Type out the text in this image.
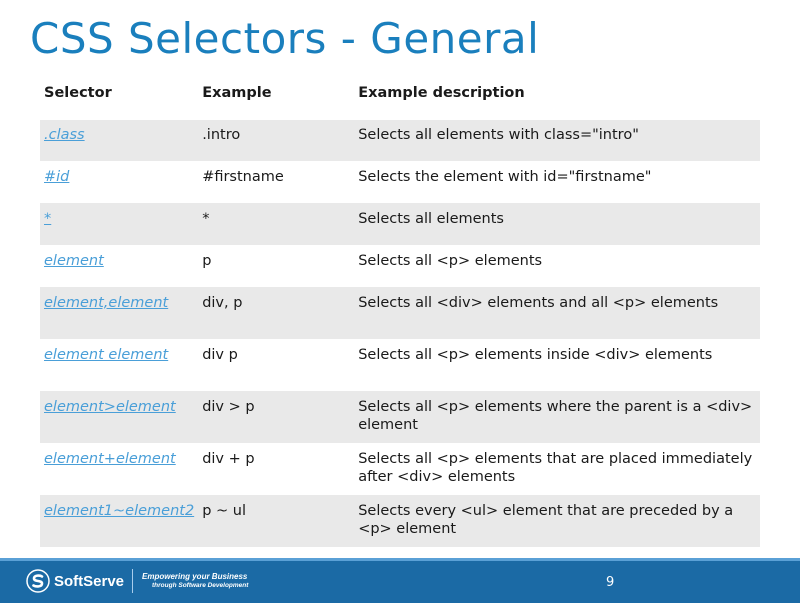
CSS Selectors - General
Selector	Example	Example description
.class	.intro	Selects all elements with class="intro"
#id	#firstname	Selects the element with id="firstname"
*	*	Selects all elements
element	p	Selects all <p> elements
element,element	div, p	Selects all <div> elements and all <p> elements
element element	div p	Selects all <p> elements inside <div> elements
element>element	div > p	Selects all <p> elements where the parent is a <div> element
element+element	div + p	Selects all <p> elements that are placed immediately after <div> elements
element1~element2	p ~ ul	Selects every <ul> element that are preceded by a <p> element
SoftServe Empowering your Business
through Software Development	9
